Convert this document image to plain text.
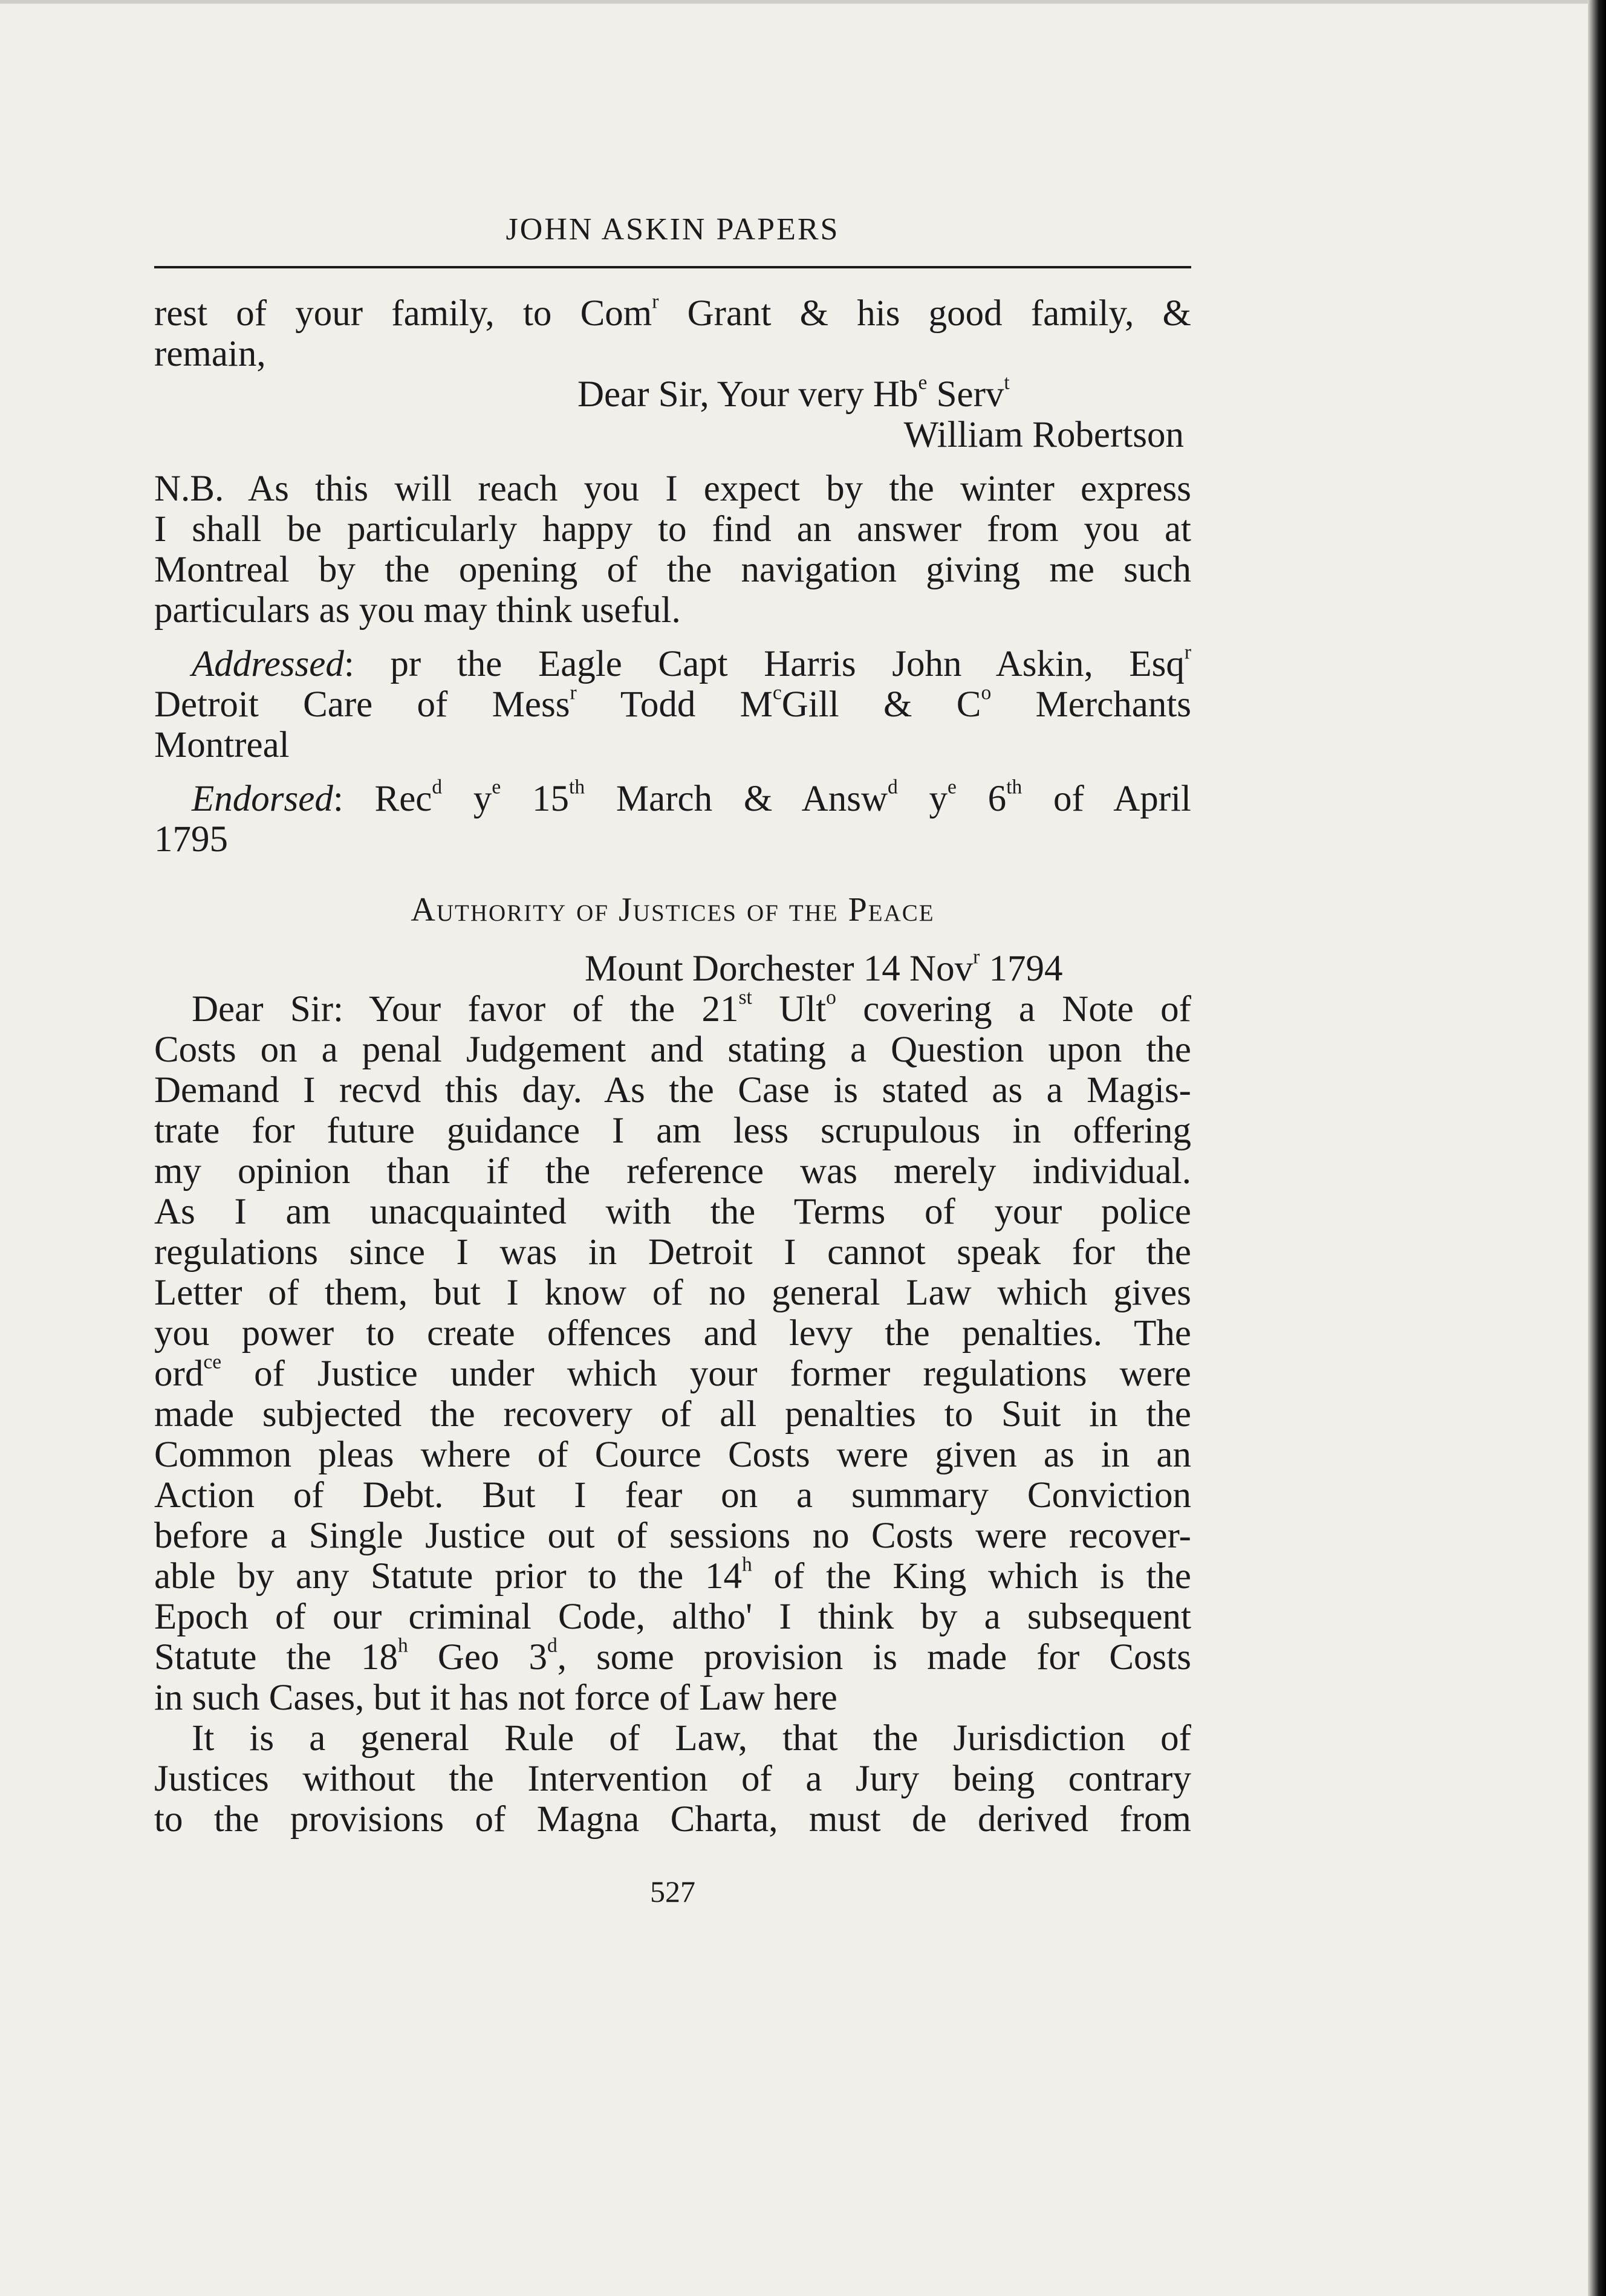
JOHN ASKIN PAPERS

rest of your family, to Com$^r$ Grant & his good family, &

remain,

Dear Sir, Your very Hb$^e$ Serv$^t$

William Robertson

N.B. As this will reach you I expect by the winter express

I shall be particularly happy to find an answer from you at

Montreal by the opening of the navigation giving me such

particulars as you may think useful.

Addressed: pr the Eagle Capt Harris John Askin, Esq$^r$

Detroit Care of Mess$^r$ Todd $M^cGill$ & $C^o$ Merchants

Montreal

Endorsed: Rec$^d$ $y^e$ 15th March & Answ$^d$ $y^e$ 6th of April

1795

Authority of Justices of the Peace

Mount Dorchester 14 Nov$^r$ 1794

Dear Sir: Your favor of the 21st Ult$^o$ covering a Note of

Costs on a penal Judgement and stating a Question upon the

Demand I recvd this day. As the Case is stated as a Magis-

trate for future guidance I am less scrupulous in offering

my opinion than if the reference was merely individual.

As I am unacquainted with the Terms of your police

regulations since I was in Detroit I cannot speak for the

Letter of them, but I know of no general Law which gives

you power to create offences and levy the penalties. The

ord$^{ce}$ of Justice under which your former regulations were

made subjected the recovery of all penalties to Suit in the

Common pleas where of Cource Costs were given as in an

Action of Debt. But I fear on a summary Conviction

before a Single Justice out of sessions no Costs were recover-

able by any Statute prior to the 14$^h$ of the King which is the

Epoch of our criminal Code, altho' I think by a subsequent

Statute the 18$^h$ Geo 3$^d$, some provision is made for Costs

in such Cases, but it has not force of Law here

It is a general Rule of Law, that the Jurisdiction of

Justices without the Intervention of a Jury being contrary

to the provisions of Magna Charta, must de derived from

527
